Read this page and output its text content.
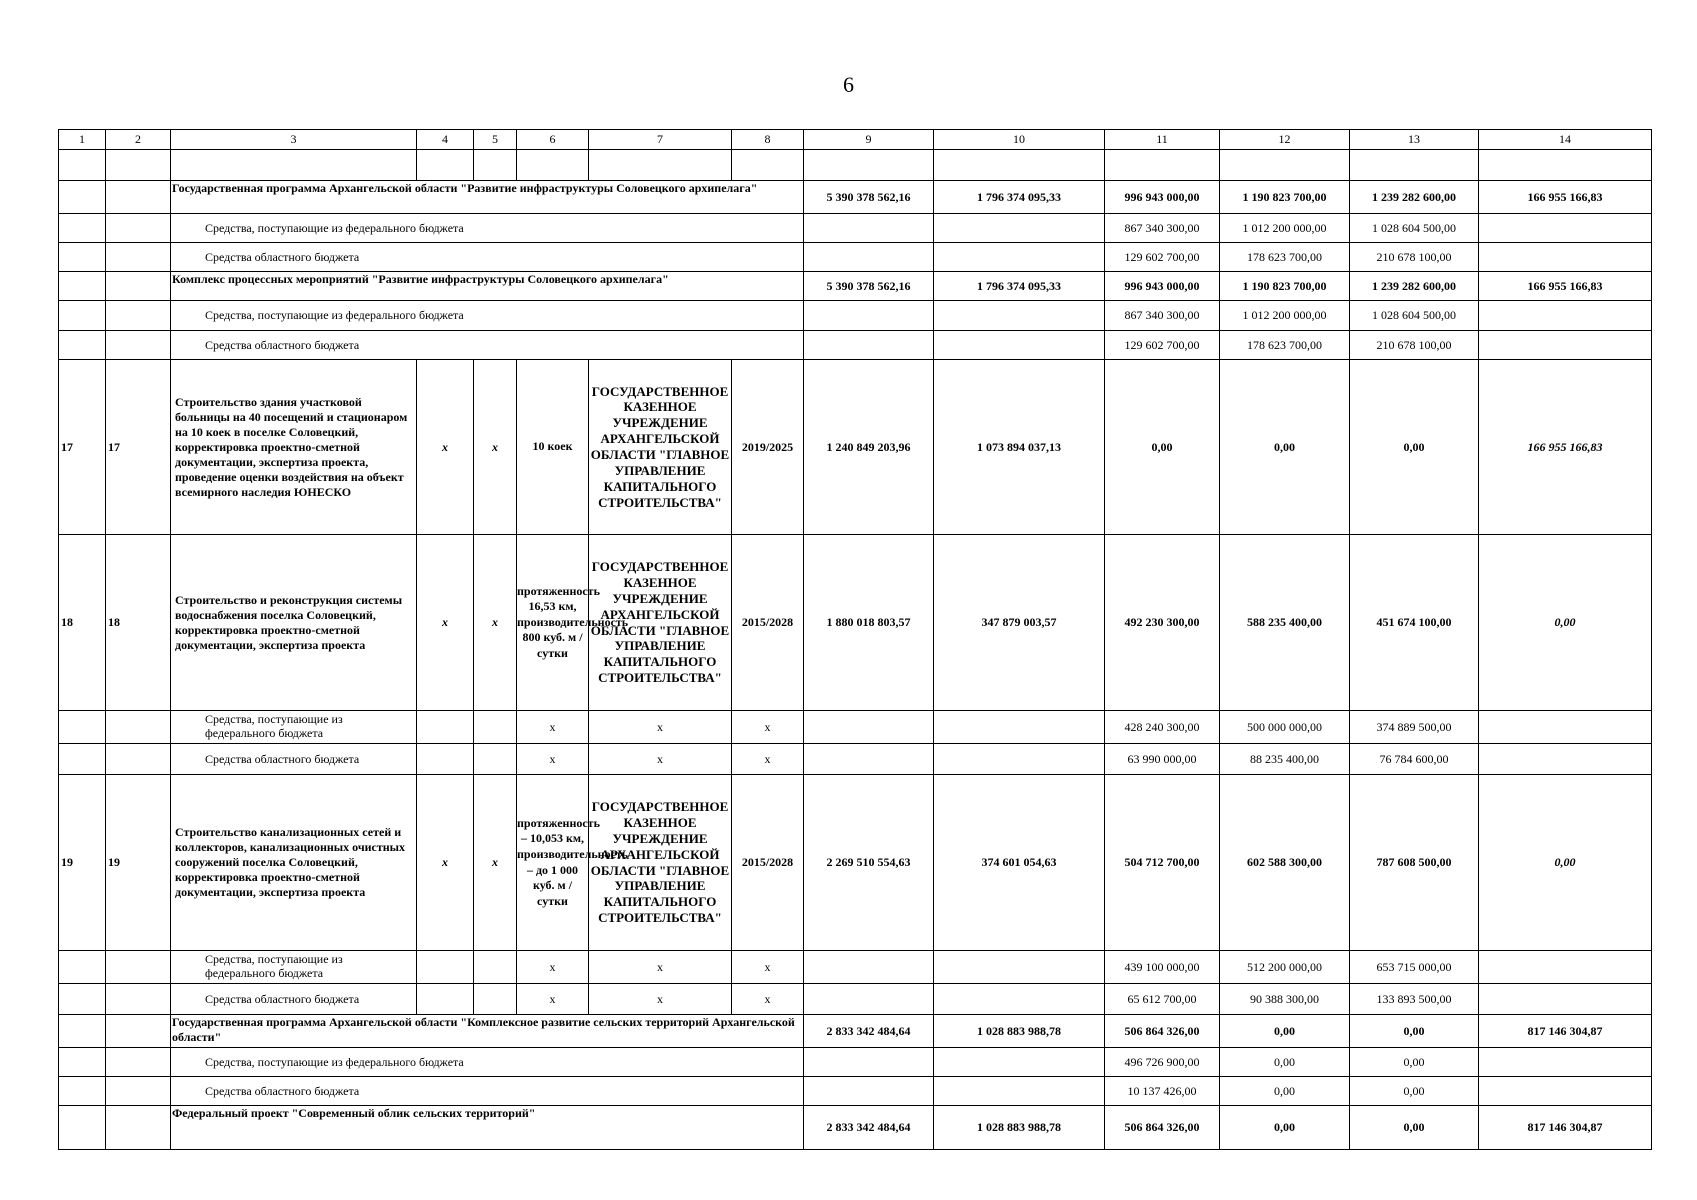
6
1	2	3	4	5	6	7	8	9	10	11	12	13	14

		Государственная программа Архангельской области "Развитие инфраструктуры Соловецкого архипелага"						5 390 378 562,16	1 796 374 095,33	996 943 000,00	1 190 823 700,00	1 239 282 600,00	166 955 166,83
		Средства, поступающие из федерального бюджета								867 340 300,00	1 012 200 000,00	1 028 604 500,00	
		Средства областного бюджета								129 602 700,00	178 623 700,00	210 678 100,00	
		Комплекс процессных мероприятий "Развитие инфраструктуры Соловецкого архипелага"						5 390 378 562,16	1 796 374 095,33	996 943 000,00	1 190 823 700,00	1 239 282 600,00	166 955 166,83
		Средства, поступающие из федерального бюджета								867 340 300,00	1 012 200 000,00	1 028 604 500,00	
		Средства областного бюджета								129 602 700,00	178 623 700,00	210 678 100,00	
17	17	Строительство здания участковой больницы на 40 посещений и стационаром на 10 коек в поселке Соловецкий, корректировка проектно-сметной документации, экспертиза проекта, проведение оценки воздействия на объект всемирного наследия ЮНЕСКО	х	х	10 коек	ГОСУДАРСТВЕННОЕ КАЗЕННОЕ УЧРЕЖДЕНИЕ АРХАНГЕЛЬСКОЙ ОБЛАСТИ "ГЛАВНОЕ УПРАВЛЕНИЕ КАПИТАЛЬНОГО СТРОИТЕЛЬСТВА"	2019/2025	1 240 849 203,96	1 073 894 037,13	0,00	0,00	0,00	166 955 166,83
18	18	Строительство и реконструкция системы водоснабжения поселка Соловецкий, корректировка проектно-сметной документации, экспертиза проекта	х	х	протяженность 16,53 км, производительность 800 куб. м / сутки	ГОСУДАРСТВЕННОЕ КАЗЕННОЕ УЧРЕЖДЕНИЕ АРХАНГЕЛЬСКОЙ ОБЛАСТИ "ГЛАВНОЕ УПРАВЛЕНИЕ КАПИТАЛЬНОГО СТРОИТЕЛЬСТВА"	2015/2028	1 880 018 803,57	347 879 003,57	492 230 300,00	588 235 400,00	451 674 100,00	0,00
		Средства, поступающие из федерального бюджета			х	х	х			428 240 300,00	500 000 000,00	374 889 500,00	
		Средства областного бюджета			х	х	х			63 990 000,00	88 235 400,00	76 784 600,00	
19	19	Строительство канализационных сетей и коллекторов, канализационных очистных сооружений поселка Соловецкий, корректировка проектно-сметной документации, экспертиза проекта	х	х	протяженность – 10,053 км, производительность – до 1 000 куб. м / сутки	ГОСУДАРСТВЕННОЕ КАЗЕННОЕ УЧРЕЖДЕНИЕ АРХАНГЕЛЬСКОЙ ОБЛАСТИ "ГЛАВНОЕ УПРАВЛЕНИЕ КАПИТАЛЬНОГО СТРОИТЕЛЬСТВА"	2015/2028	2 269 510 554,63	374 601 054,63	504 712 700,00	602 588 300,00	787 608 500,00	0,00
		Средства, поступающие из федерального бюджета			х	х	х			439 100 000,00	512 200 000,00	653 715 000,00	
		Средства областного бюджета			х	х	х			65 612 700,00	90 388 300,00	133 893 500,00	
		Государственная программа Архангельской области "Комплексное развитие сельских территорий Архангельской области"						2 833 342 484,64	1 028 883 988,78	506 864 326,00	0,00	0,00	817 146 304,87
		Средства, поступающие из федерального бюджета								496 726 900,00	0,00	0,00	
		Средства областного бюджета								10 137 426,00	0,00	0,00	
		Федеральный проект "Современный облик сельских территорий"						2 833 342 484,64	1 028 883 988,78	506 864 326,00	0,00	0,00	817 146 304,87
